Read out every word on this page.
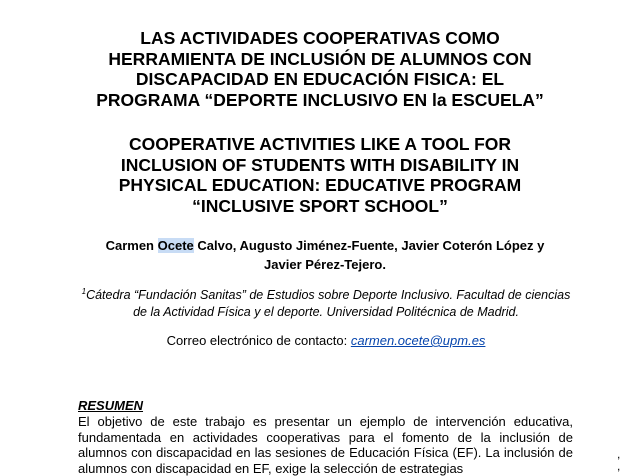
LAS ACTIVIDADES COOPERATIVAS COMO
HERRAMIENTA DE INCLUSIÓN DE ALUMNOS CON
DISCAPACIDAD EN EDUCACIÓN FISICA: EL
PROGRAMA “DEPORTE INCLUSIVO EN la ESCUELA”
COOPERATIVE ACTIVITIES LIKE A TOOL FOR
INCLUSION OF STUDENTS WITH DISABILITY IN
PHYSICAL EDUCATION: EDUCATIVE PROGRAM
“INCLUSIVE SPORT SCHOOL”

Carmen Ocete Calvo, Augusto Jiménez-Fuente, Javier Coterón López y
Javier Pérez-Tejero.

$^1$Cátedra “Fundación Sanitas” de Estudios sobre Deporte Inclusivo. Facultad de ciencias de la Actividad Física y el deporte. Universidad Politécnica de Madrid.

Correo electrónico de contacto: carmen.ocete@upm.es

RESUMEN

El objetivo de este trabajo es presentar un ejemplo de intervención educativa, fundamentada en actividades cooperativas para el fomento de la inclusión de alumnos con discapacidad en las sesiones de Educación Física (EF). La inclusión de alumnos con discapacidad en EF, exige la selección de estrategias

,
,
